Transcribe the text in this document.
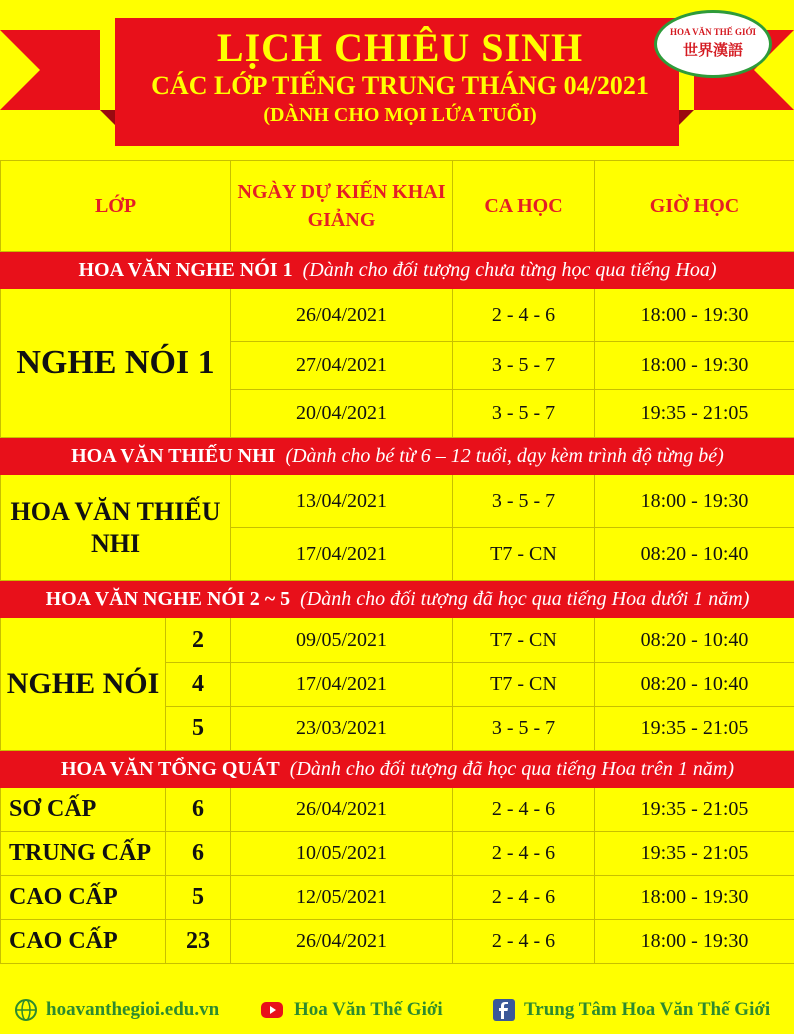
LỊCH CHIÊU SINH
CÁC LỚP TIẾNG TRUNG THÁNG 04/2021
(DÀNH CHO MỌI LỨA TUỔI)
HOA VĂN THẾ GIỚI
世界漢語
LỚP		NGÀY DỰ KIẾN KHAI GIẢNG	CA HỌC	GIỜ HỌC
HOA VĂN NGHE NÓI 1 (Dành cho đối tượng chưa từng học qua tiếng Hoa)				
NGHE NÓI 1		26/04/2021	2 - 4 - 6	18:00 - 19:30
		27/04/2021	3 - 5 - 7	18:00 - 19:30
		20/04/2021	3 - 5 - 7	19:35 - 21:05
HOA VĂN THIẾU NHI (Dành cho bé từ 6 – 12 tuổi, dạy kèm trình độ từng bé)				
HOA VĂN THIẾU NHI		13/04/2021	3 - 5 - 7	18:00 - 19:30
		17/04/2021	T7 - CN	08:20 - 10:40
HOA VĂN NGHE NÓI 2 ~ 5 (Dành cho đối tượng đã học qua tiếng Hoa dưới 1 năm)				
NGHE NÓI	2	09/05/2021	T7 - CN	08:20 - 10:40
	4	17/04/2021	T7 - CN	08:20 - 10:40
	5	23/03/2021	3 - 5 - 7	19:35 - 21:05
HOA VĂN TỔNG QUÁT (Dành cho đối tượng đã học qua tiếng Hoa trên 1 năm)				
SƠ CẤP	6	26/04/2021	2 - 4 - 6	19:35 - 21:05
TRUNG CẤP	6	10/05/2021	2 - 4 - 6	19:35 - 21:05
CAO CẤP	5	12/05/2021	2 - 4 - 6	18:00 - 19:30
CAO CẤP	23	26/04/2021	2 - 4 - 6	18:00 - 19:30
hoavanthegioi.edu.vn	Hoa Văn Thế Giới	Trung Tâm Hoa Văn Thế Giới
